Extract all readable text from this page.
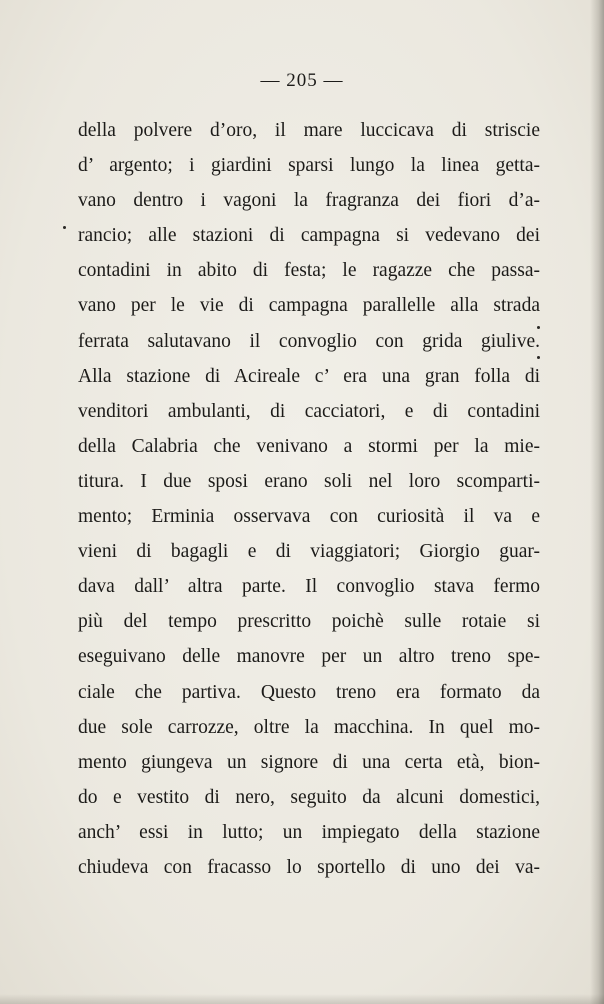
— 205 —
della polvere d’oro, il mare luccicava di striscie
d’ argento; i giardini sparsi lungo la linea getta-
vano dentro i vagoni la fragranza dei fiori d’a-
rancio; alle stazioni di campagna si vedevano dei
contadini in abito di festa; le ragazze che passa-
vano per le vie di campagna parallelle alla strada
ferrata salutavano il convoglio con grida giulive.
Alla stazione di Acireale c’ era una gran folla di
venditori ambulanti, di cacciatori, e di contadini
della Calabria che venivano a stormi per la mie-
titura. I due sposi erano soli nel loro scomparti-
mento; Erminia osservava con curiosità il va e
vieni di bagagli e di viaggiatori; Giorgio guar-
dava dall’ altra parte. Il convoglio stava fermo
più del tempo prescritto poichè sulle rotaie si
eseguivano delle manovre per un altro treno spe-
ciale che partiva. Questo treno era formato da
due sole carrozze, oltre la macchina. In quel mo-
mento giungeva un signore di una certa età, bion-
do e vestito di nero, seguito da alcuni domestici,
anch’ essi in lutto; un impiegato della stazione
chiudeva con fracasso lo sportello di uno dei va-
